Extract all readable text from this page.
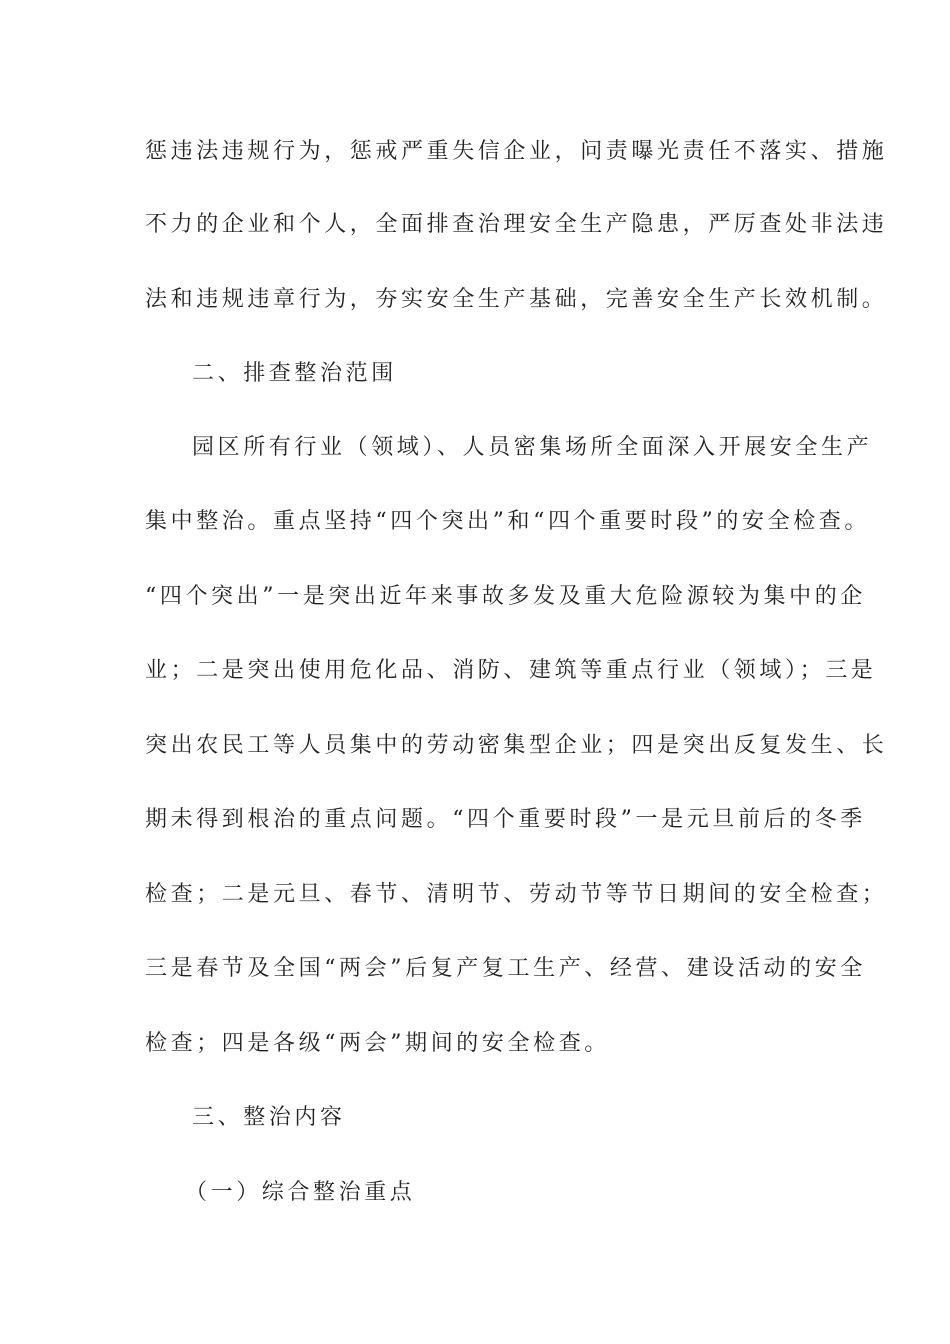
惩违法违规行为，惩戒严重失信企业，问责曝光责任不落实、措施
不力的企业和个人，全面排查治理安全生产隐患，严厉查处非法违
法和违规违章行为，夯实安全生产基础，完善安全生产长效机制。
二、排查整治范围
园区所有行业（领域）、人员密集场所全面深入开展安全生产
集中整治。重点坚持“四个突出”和“四个重要时段”的安全检查。
“四个突出”一是突出近年来事故多发及重大危险源较为集中的企
业；二是突出使用危化品、消防、建筑等重点行业（领域）；三是
突出农民工等人员集中的劳动密集型企业；四是突出反复发生、长
期未得到根治的重点问题。“四个重要时段”一是元旦前后的冬季
检查；二是元旦、春节、清明节、劳动节等节日期间的安全检查；
三是春节及全国“两会”后复产复工生产、经营、建设活动的安全
检查；四是各级“两会”期间的安全检查。
三、整治内容
（一）综合整治重点
